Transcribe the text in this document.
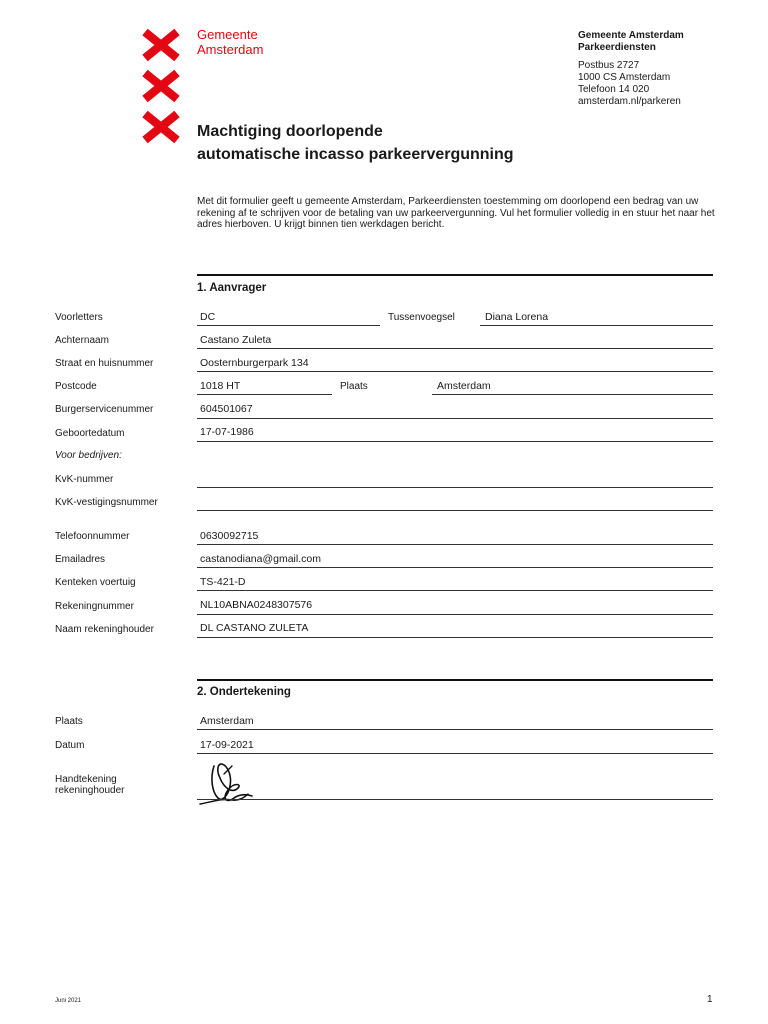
Gemeente
Amsterdam
Gemeente Amsterdam
Parkeerdiensten
Postbus 2727
1000 CS Amsterdam
Telefoon 14 020
amsterdam.nl/parkeren
Machtiging doorlopende
automatische incasso parkeervergunning
Met dit formulier geeft u gemeente Amsterdam, Parkeerdiensten toestemming om doorlopend een bedrag van uw rekening af te schrijven voor de betaling van uw parkeervergunning. Vul het formulier volledig in en stuur het naar het adres hierboven. U krijgt binnen tien werkdagen bericht.
1. Aanvrager
Voorletters	DC	Tussenvoegsel	Diana Lorena
Achternaam	Castano Zuleta
Straat en huisnummer	Oosternburgerpark 134
Postcode	1018 HT	Plaats	Amsterdam
Burgerservicenummer	604501067
Geboortedatum	17-07-1986
Voor bedrijven:
KvK-nummer
KvK-vestigingsnummer
Telefoonnummer	0630092715
Emailadres	castanodiana@gmail.com
Kenteken voertuig	TS-421-D
Rekeningnummer	NL10ABNA0248307576
Naam rekeninghouder	DL CASTANO ZULETA
2. Ondertekening
Plaats	Amsterdam
Datum	17-09-2021
Handtekening
rekeninghouder
Juni 2021	1
